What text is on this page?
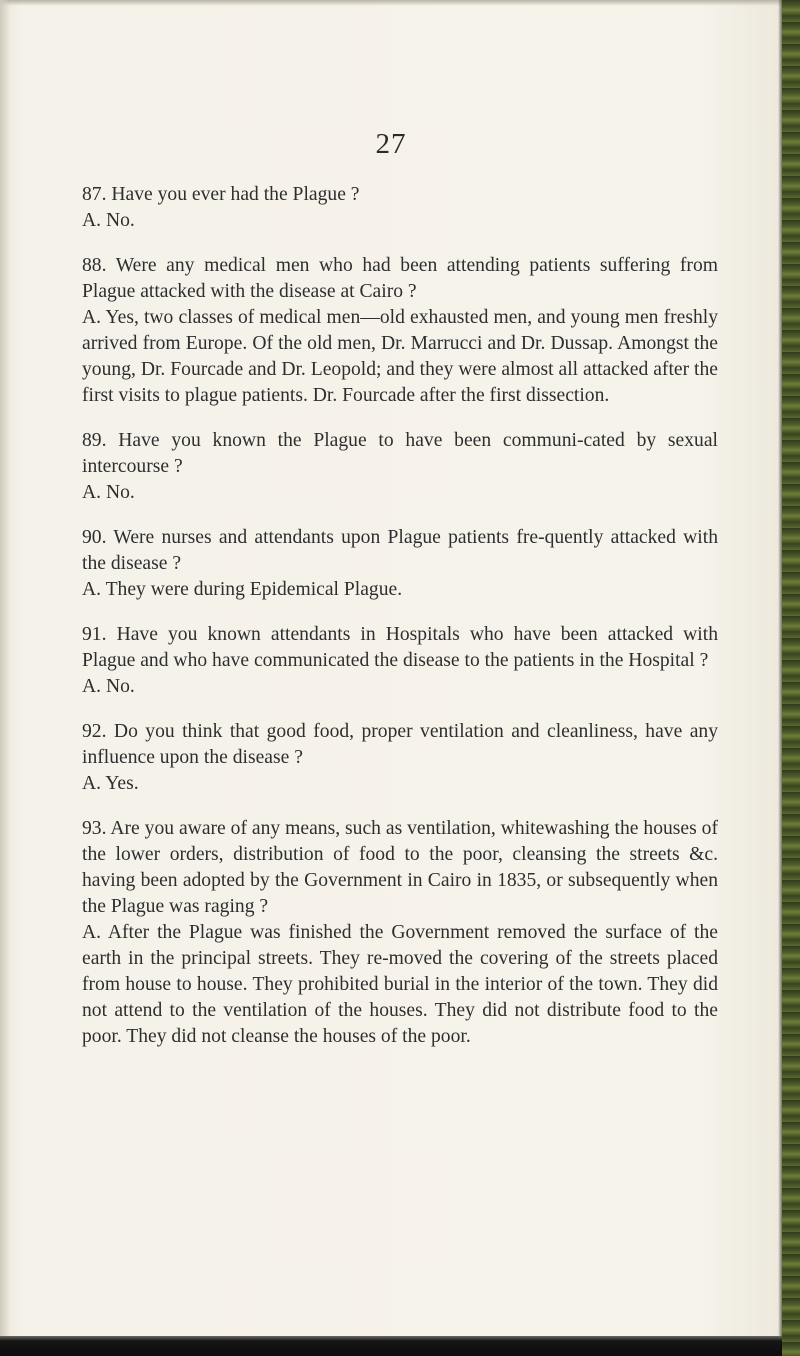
27

87. Have you ever had the Plague ?

A. No.

88. Were any medical men who had been attending patients suffering from Plague attacked with the disease at Cairo ?

A. Yes, two classes of medical men—old exhausted men, and young men freshly arrived from Europe. Of the old men, Dr. Marrucci and Dr. Dussap. Amongst the young, Dr. Fourcade and Dr. Leopold; and they were almost all attacked after the first visits to plague patients. Dr. Fourcade after the first dissection.

89. Have you known the Plague to have been communi-cated by sexual intercourse ?

A. No.

90. Were nurses and attendants upon Plague patients fre-quently attacked with the disease ?

A. They were during Epidemical Plague.

91. Have you known attendants in Hospitals who have been attacked with Plague and who have communicated the disease to the patients in the Hospital ?

A. No.

92. Do you think that good food, proper ventilation and cleanliness, have any influence upon the disease ?

A. Yes.

93. Are you aware of any means, such as ventilation, whitewashing the houses of the lower orders, distribution of food to the poor, cleansing the streets &c. having been adopted by the Government in Cairo in 1835, or subsequently when the Plague was raging ?

A. After the Plague was finished the Government removed the surface of the earth in the principal streets. They re-moved the covering of the streets placed from house to house. They prohibited burial in the interior of the town. They did not attend to the ventilation of the houses. They did not distribute food to the poor. They did not cleanse the houses of the poor.
